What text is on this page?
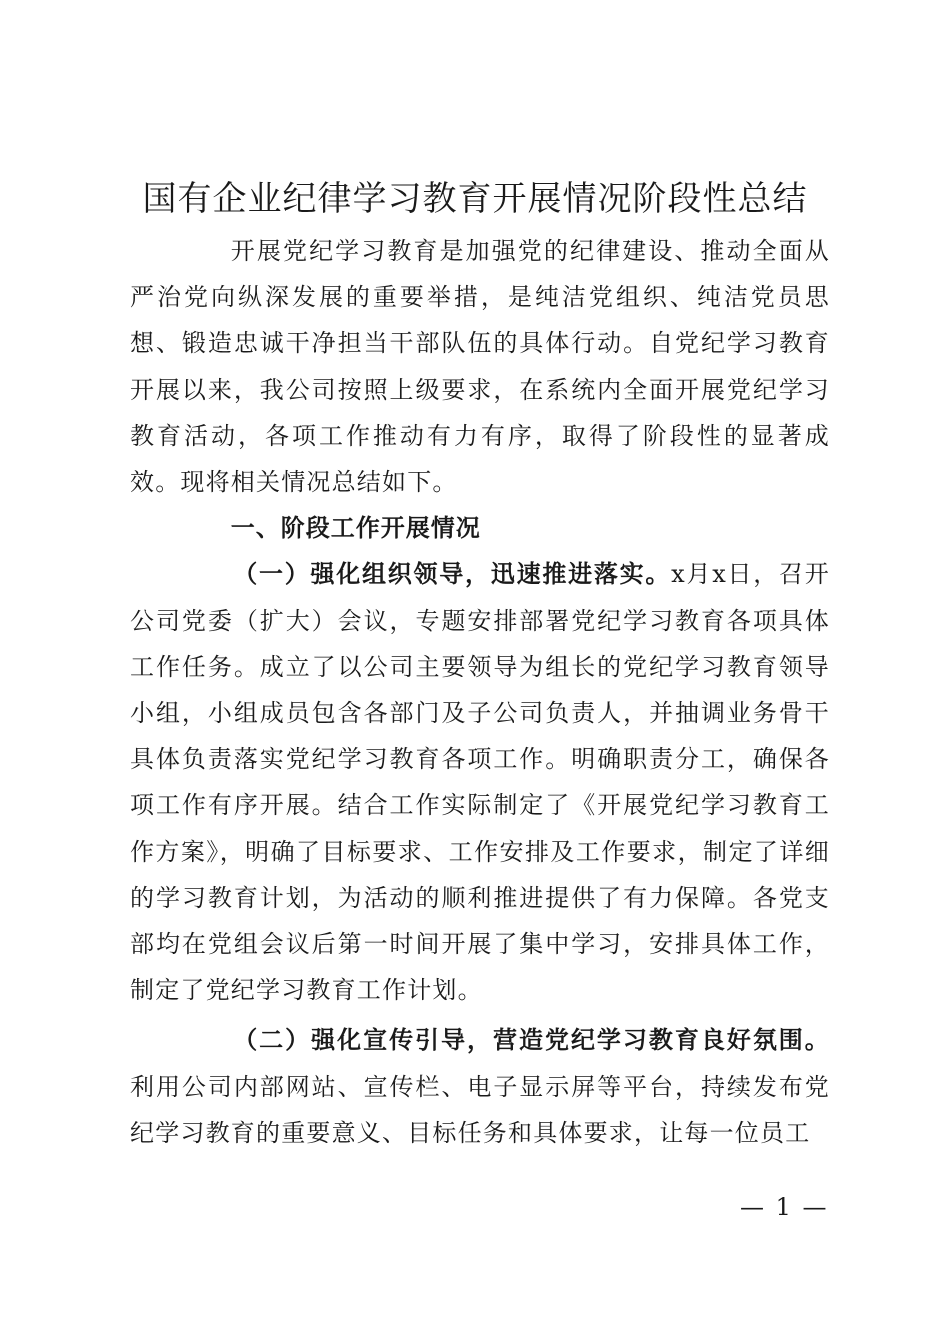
国有企业纪律学习教育开展情况阶段性总结

开展党纪学习教育是加强党的纪律建设、推动全面从严治党向纵深发展的重要举措，是纯洁党组织、纯洁党员思想、锻造忠诚干净担当干部队伍的具体行动。自党纪学习教育开展以来，我公司按照上级要求，在系统内全面开展党纪学习教育活动，各项工作推动有力有序，取得了阶段性的显著成效。现将相关情况总结如下。

一、阶段工作开展情况

（一）强化组织领导，迅速推进落实。x月x日，召开公司党委（扩大）会议，专题安排部署党纪学习教育各项具体工作任务。成立了以公司主要领导为组长的党纪学习教育领导小组，小组成员包含各部门及子公司负责人，并抽调业务骨干具体负责落实党纪学习教育各项工作。明确职责分工，确保各项工作有序开展。结合工作实际制定了《开展党纪学习教育工作方案》，明确了目标要求、工作安排及工作要求，制定了详细的学习教育计划，为活动的顺利推进提供了有力保障。各党支部均在党组会议后第一时间开展了集中学习，安排具体工作，制定了党纪学习教育工作计划。

（二）强化宣传引导，营造党纪学习教育良好氛围。利用公司内部网站、宣传栏、电子显示屏等平台，持续发布党纪学习教育的重要意义、目标任务和具体要求，让每一位员工

— 1 —
